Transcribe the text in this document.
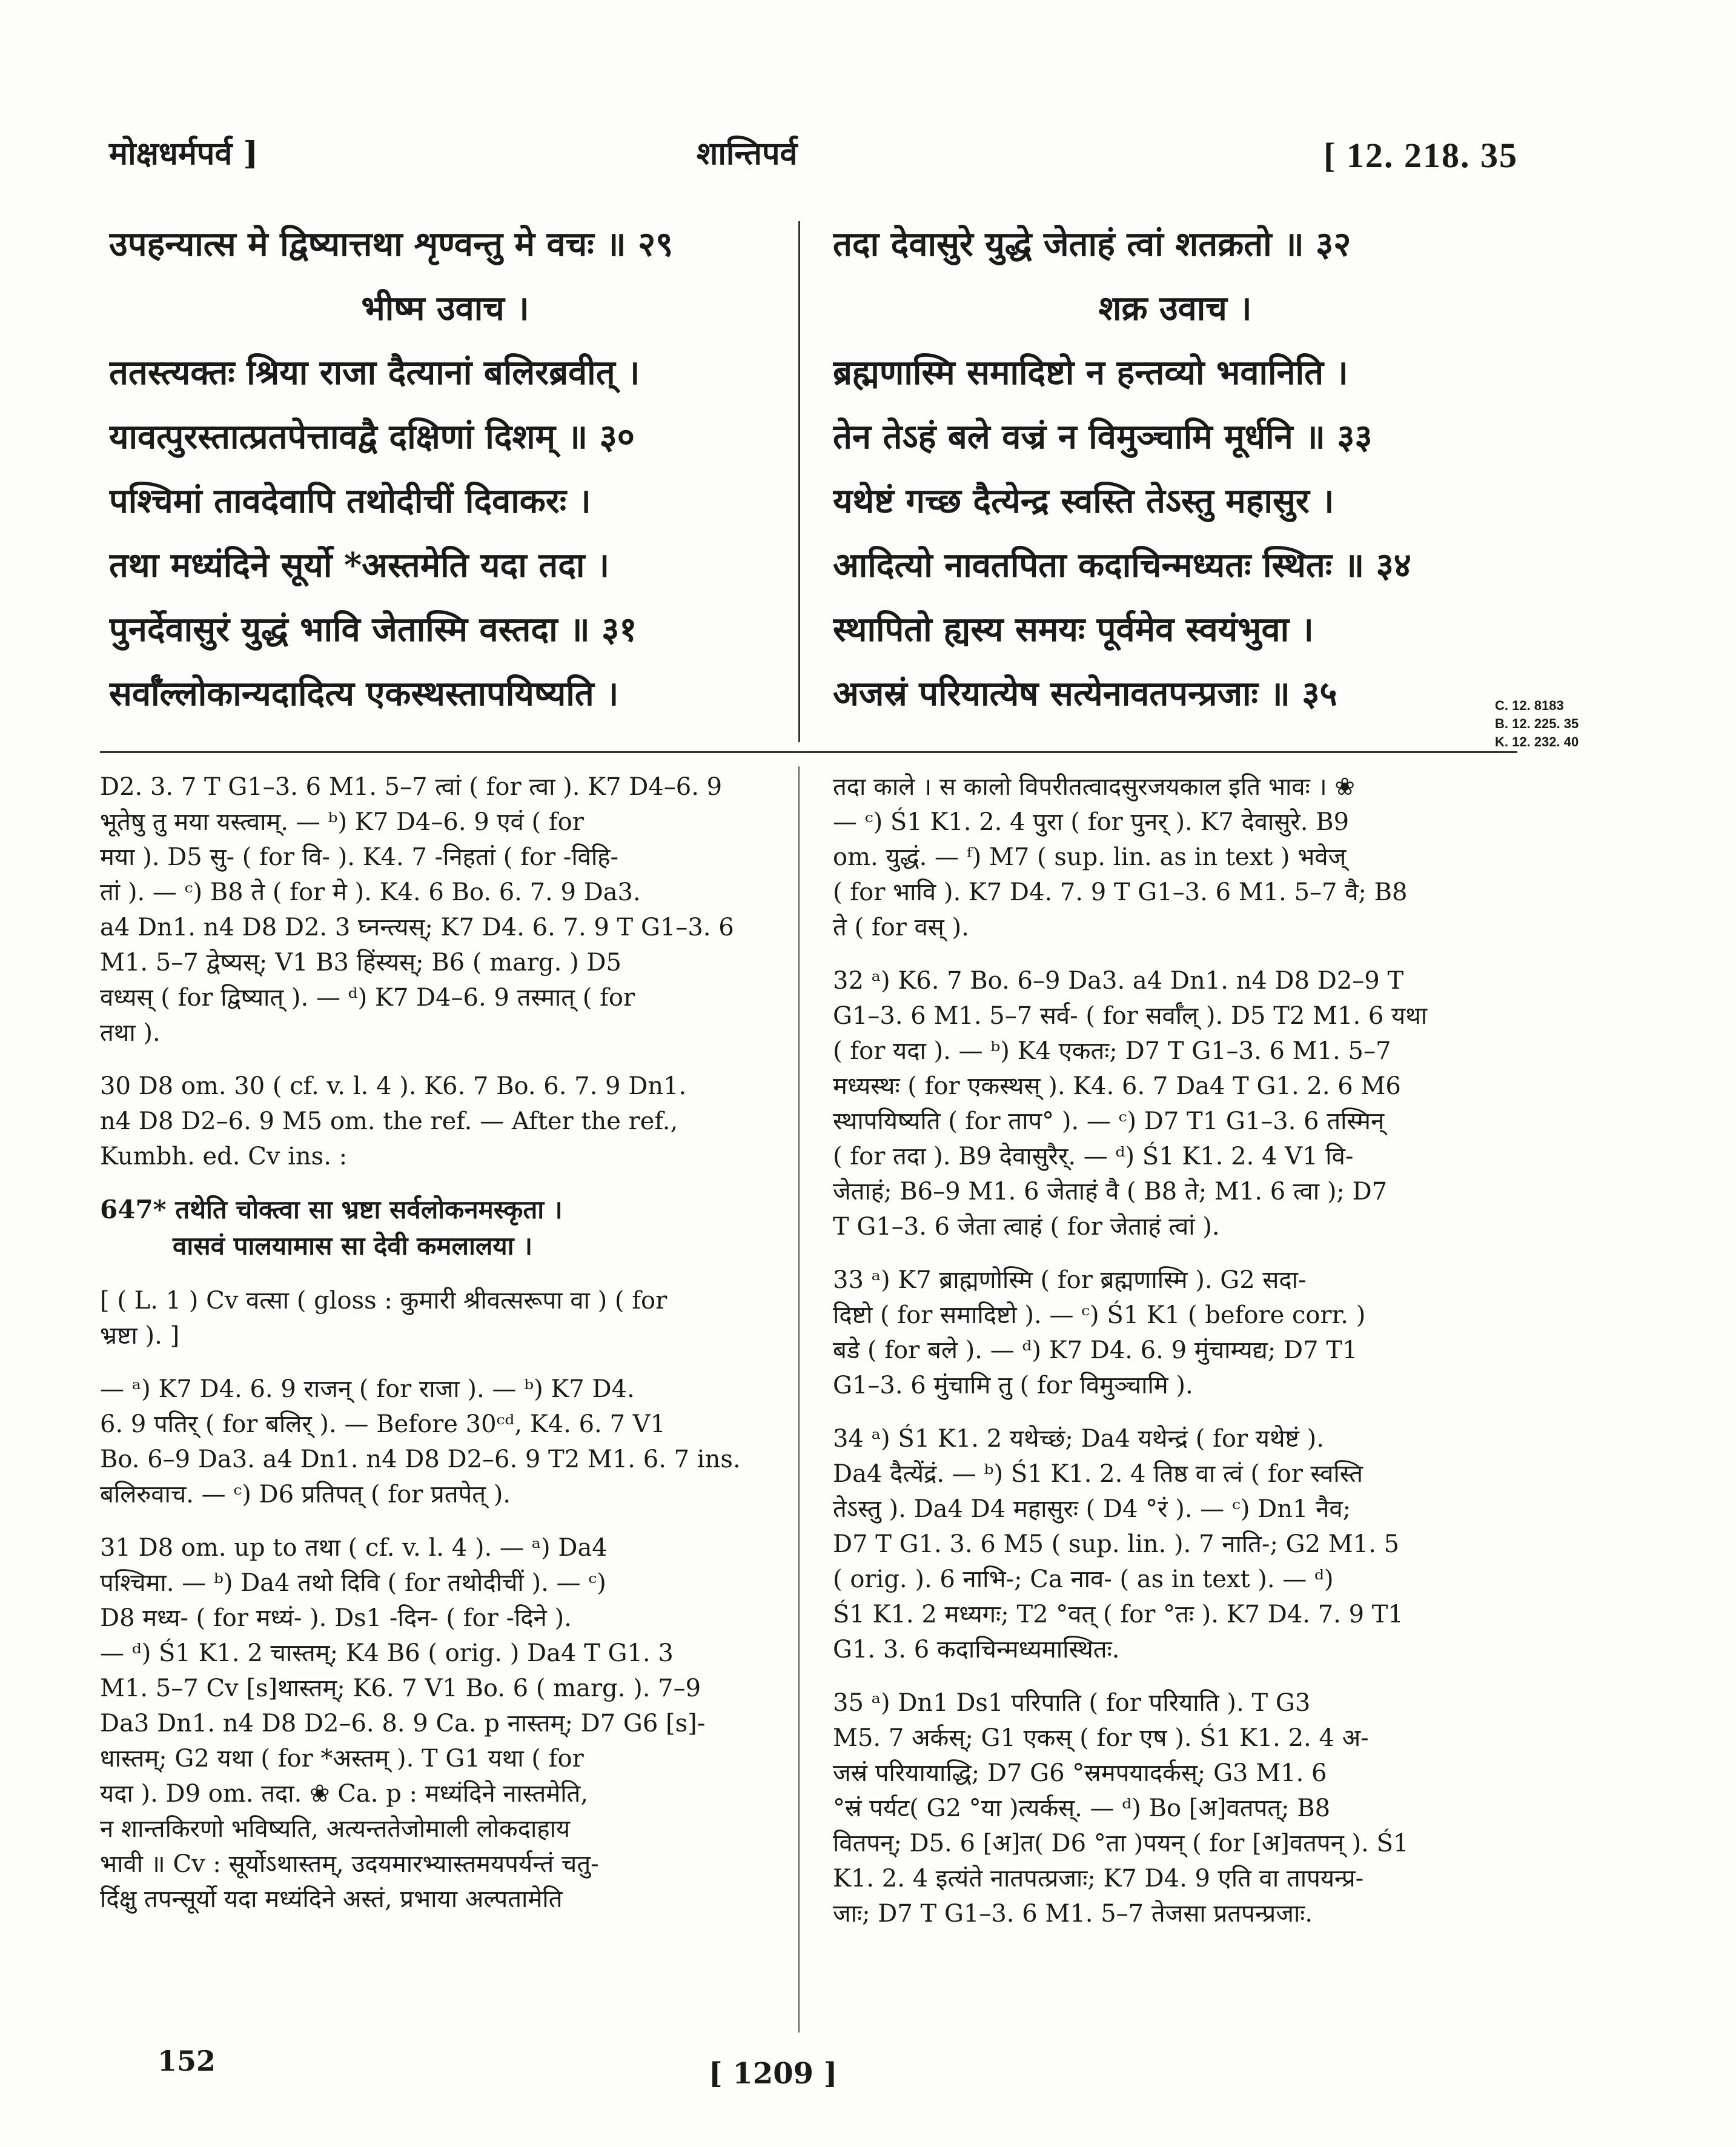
मोक्षधर्मपर्व ]	शान्तिपर्व	[ 12. 218. 35
उपहन्यात्स मे द्विष्यात्तथा शृण्वन्तु मे वचः ॥ २९
भीष्म उवाच ।
ततस्त्यक्तः श्रिया राजा दैत्यानां बलिरब्रवीत् ।
यावत्पुरस्तात्प्रतपेत्तावद्वै दक्षिणां दिशम् ॥ ३०
पश्चिमां तावदेवापि तथोदीचीं दिवाकरः ।
तथा मध्यंदिने सूर्यो *अस्तमेति यदा तदा ।
पुनर्देवासुरं युद्धं भावि जेतास्मि वस्तदा ॥ ३१
सर्वाँल्लोकान्यदादित्य एकस्थस्तापयिष्यति ।
तदा देवासुरे युद्धे जेताहं त्वां शतक्रतो ॥ ३२
शक्र उवाच ।
ब्रह्मणास्मि समादिष्टो न हन्तव्यो भवानिति ।
तेन तेऽहं बले वज्रं न विमुञ्चामि मूर्धनि ॥ ३३
यथेष्टं गच्छ दैत्येन्द्र स्वस्ति तेऽस्तु महासुर ।
आदित्यो नावतपिता कदाचिन्मध्यतः स्थितः ॥ ३४
स्थापितो ह्यस्य समयः पूर्वमेव स्वयंभुवा ।
अजस्रं परियात्येष सत्येनावतपन्प्रजाः ॥ ३५	C. 12. 8183
B. 12. 225. 35
K. 12. 232. 40
D2. 3. 7 T G1–3. 6 M1. 5–7 त्वां ( for त्वा ). K7 D4–6. 9
भूतेषु तु मया यस्त्वाम्. — ᵇ) K7 D4–6. 9 एवं ( for
मया ). D5 सु- ( for वि- ). K4. 7 -निहतां ( for -विहि-
तां ). — ᶜ) B8 ते ( for मे ). K4. 6 Bo. 6. 7. 9 Da3.
a4 Dn1. n4 D8 D2. 3 घ्नन्त्यस्; K7 D4. 6. 7. 9 T G1–3. 6
M1. 5–7 द्वेष्यस्; V1 B3 हिंस्यस्; B6 ( marg. ) D5
वध्यस् ( for द्विष्यात् ). — ᵈ) K7 D4–6. 9 तस्मात् ( for
तथा ).
30 D8 om. 30 ( cf. v. l. 4 ). K6. 7 Bo. 6. 7. 9 Dn1.
n4 D8 D2–6. 9 M5 om. the ref. — After the ref.,
Kumbh. ed. Cv ins. :
647* तथेति चोक्त्वा सा भ्रष्टा सर्वलोकनमस्कृता ।
वासवं पालयामास सा देवी कमलालया ।
[ ( L. 1 ) Cv वत्सा ( gloss : कुमारी श्रीवत्सरूपा वा ) ( for
भ्रष्टा ). ]
— ᵃ) K7 D4. 6. 9 राजन् ( for राजा ). — ᵇ) K7 D4.
6. 9 पतिर् ( for बलिर् ). — Before 30ᶜᵈ, K4. 6. 7 V1
Bo. 6–9 Da3. a4 Dn1. n4 D8 D2–6. 9 T2 M1. 6. 7 ins.
बलिरुवाच. — ᶜ) D6 प्रतिपत् ( for प्रतपेत् ).
31 D8 om. up to तथा ( cf. v. l. 4 ). — ᵃ) Da4
पश्चिमा. — ᵇ) Da4 तथो दिवि ( for तथोदीचीं ). — ᶜ)
D8 मध्य- ( for मध्यं- ). Ds1 -दिन- ( for -दिने ).
— ᵈ) Ś1 K1. 2 चास्तम्; K4 B6 ( orig. ) Da4 T G1. 3
M1. 5–7 Cv [s]थास्तम्; K6. 7 V1 Bo. 6 ( marg. ). 7–9
Da3 Dn1. n4 D8 D2–6. 8. 9 Ca. p नास्तम्; D7 G6 [s]-
धास्तम्; G2 यथा ( for *अस्तम् ). T G1 यथा ( for
यदा ). D9 om. तदा. ❀ Ca. p : मध्यंदिने नास्तमेति,
न शान्तकिरणो भविष्यति, अत्यन्ततेजोमाली लोकदाहाय
भावी ॥ Cv : सूर्योऽथास्तम्, उदयमारभ्यास्तमयपर्यन्तं चतु-
र्दिक्षु तपन्सूर्यो यदा मध्यंदिने अस्तं, प्रभाया अल्पतामेति
तदा काले । स कालो विपरीतत्वादसुरजयकाल इति भावः । ❀
— ᶜ) Ś1 K1. 2. 4 पुरा ( for पुनर् ). K7 देवासुरे. B9
om. युद्धं. — ᶠ) M7 ( sup. lin. as in text ) भवेज्
( for भावि ). K7 D4. 7. 9 T G1–3. 6 M1. 5–7 वै; B8
ते ( for वस् ).
32 ᵃ) K6. 7 Bo. 6–9 Da3. a4 Dn1. n4 D8 D2–9 T
G1–3. 6 M1. 5–7 सर्व- ( for सर्वाँल् ). D5 T2 M1. 6 यथा
( for यदा ). — ᵇ) K4 एकतः; D7 T G1–3. 6 M1. 5–7
मध्यस्थः ( for एकस्थस् ). K4. 6. 7 Da4 T G1. 2. 6 M6
स्थापयिष्यति ( for ताप° ). — ᶜ) D7 T1 G1–3. 6 तस्मिन्
( for तदा ). B9 देवासुरैर्. — ᵈ) Ś1 K1. 2. 4 V1 वि-
जेताहं; B6–9 M1. 6 जेताहं वै ( B8 ते; M1. 6 त्वा ); D7
T G1–3. 6 जेता त्वाहं ( for जेताहं त्वां ).
33 ᵃ) K7 ब्राह्मणोस्मि ( for ब्रह्मणास्मि ). G2 सदा-
दिष्टो ( for समादिष्टो ). — ᶜ) Ś1 K1 ( before corr. )
बडे ( for बले ). — ᵈ) K7 D4. 6. 9 मुंचाम्यद्य; D7 T1
G1–3. 6 मुंचामि तु ( for विमुञ्चामि ).
34 ᵃ) Ś1 K1. 2 यथेच्छं; Da4 यथेन्द्रं ( for यथेष्टं ).
Da4 दैत्येंद्रं. — ᵇ) Ś1 K1. 2. 4 तिष्ठ वा त्वं ( for स्वस्ति
तेऽस्तु ). Da4 D4 महासुरः ( D4 °रं ). — ᶜ) Dn1 नैव;
D7 T G1. 3. 6 M5 ( sup. lin. ). 7 नाति-; G2 M1. 5
( orig. ). 6 नाभि-; Ca नाव- ( as in text ). — ᵈ)
Ś1 K1. 2 मध्यगः; T2 °वत् ( for °तः ). K7 D4. 7. 9 T1
G1. 3. 6 कदाचिन्मध्यमास्थितः.
35 ᵃ) Dn1 Ds1 परिपाति ( for परियाति ). T G3
M5. 7 अर्कस्; G1 एकस् ( for एष ). Ś1 K1. 2. 4 अ-
जस्रं परियायाद्धि; D7 G6 °स्रमपयादर्कस्; G3 M1. 6
°स्रं पर्यट( G2 °या )त्यर्कस्. — ᵈ) Bo [अ]वतपत्; B8
वितपन्; D5. 6 [अ]त( D6 °ता )पयन् ( for [अ]वतपन् ). Ś1
K1. 2. 4 इत्यंते नातपत्प्रजाः; K7 D4. 9 एति वा तापयन्प्र-
जाः; D7 T G1–3. 6 M1. 5–7 तेजसा प्रतपन्प्रजाः.
152	[ 1209 ]
